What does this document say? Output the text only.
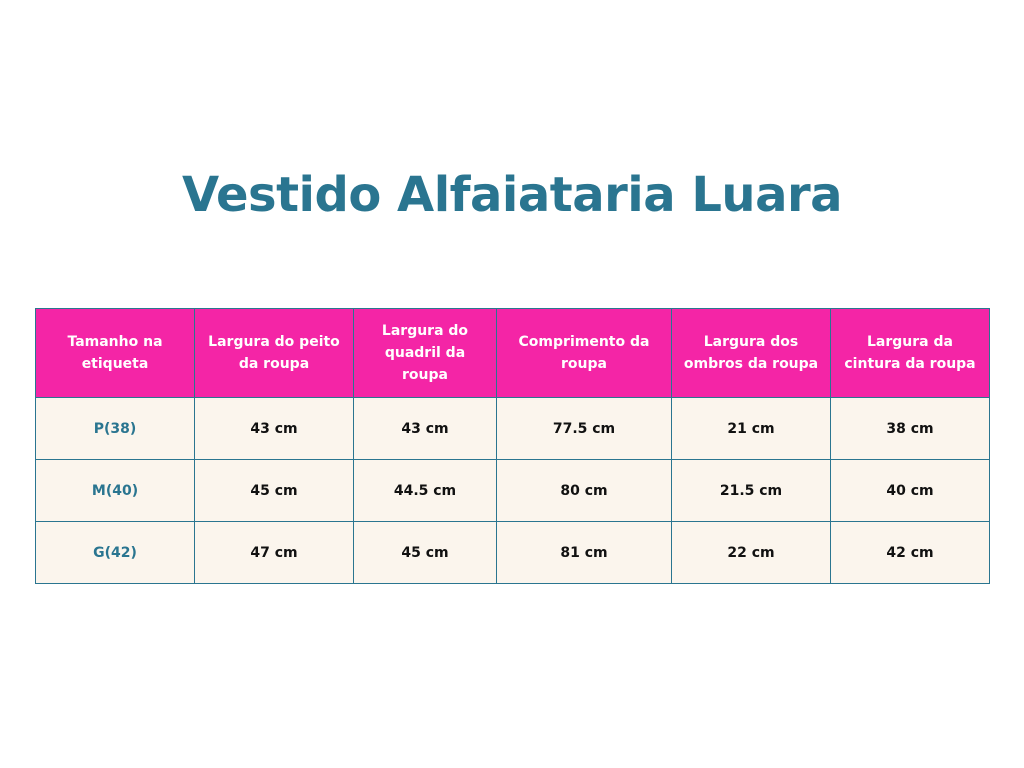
Vestido Alfaiataria Luara
Tamanho na etiqueta	Largura do peito da roupa	Largura do quadril da roupa	Comprimento da roupa	Largura dos ombros da roupa	Largura da cintura da roupa
P(38)	43 cm	43 cm	77.5 cm	21 cm	38 cm
M(40)	45 cm	44.5 cm	80 cm	21.5 cm	40 cm
G(42)	47 cm	45 cm	81 cm	22 cm	42 cm
